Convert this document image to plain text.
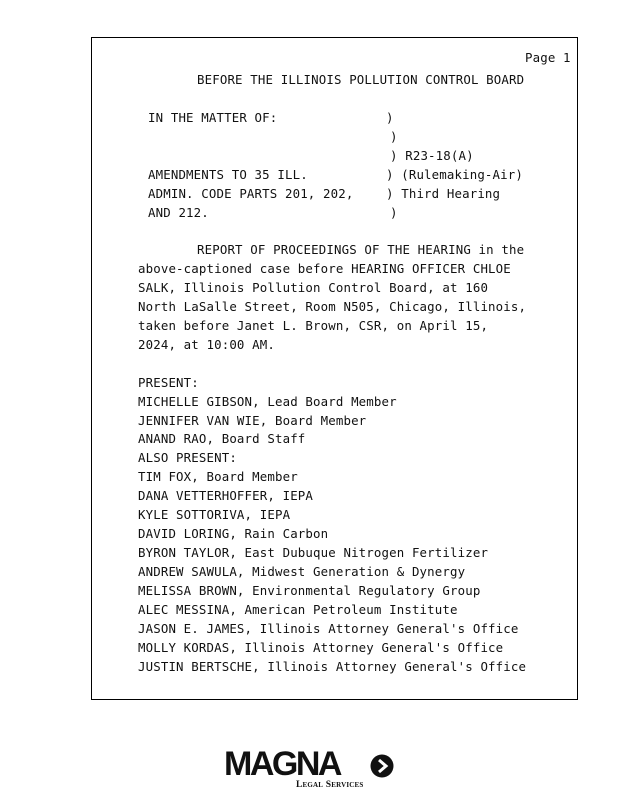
Page 1
BEFORE THE ILLINOIS POLLUTION CONTROL BOARD
IN THE MATTER OF:	)
)
) R23-18(A)
AMENDMENTS TO 35 ILL.	) (Rulemaking-Air)
ADMIN. CODE PARTS 201, 202,	) Third Hearing
AND 212.	)
REPORT OF PROCEEDINGS OF THE HEARING in the
above-captioned case before HEARING OFFICER CHLOE
SALK, Illinois Pollution Control Board, at 160
North LaSalle Street, Room N505, Chicago, Illinois,
taken before Janet L. Brown, CSR, on April 15,
2024, at 10:00 AM.
PRESENT:
MICHELLE GIBSON, Lead Board Member
JENNIFER VAN WIE, Board Member
ANAND RAO, Board Staff
ALSO PRESENT:
TIM FOX, Board Member
DANA VETTERHOFFER, IEPA
KYLE SOTTORIVA, IEPA
DAVID LORING, Rain Carbon
BYRON TAYLOR, East Dubuque Nitrogen Fertilizer
ANDREW SAWULA, Midwest Generation & Dynergy
MELISSA BROWN, Environmental Regulatory Group
ALEC MESSINA, American Petroleum Institute
JASON E. JAMES, Illinois Attorney General's Office
MOLLY KORDAS, Illinois Attorney General's Office
JUSTIN BERTSCHE, Illinois Attorney General's Office
MAGNA
Legal Services
